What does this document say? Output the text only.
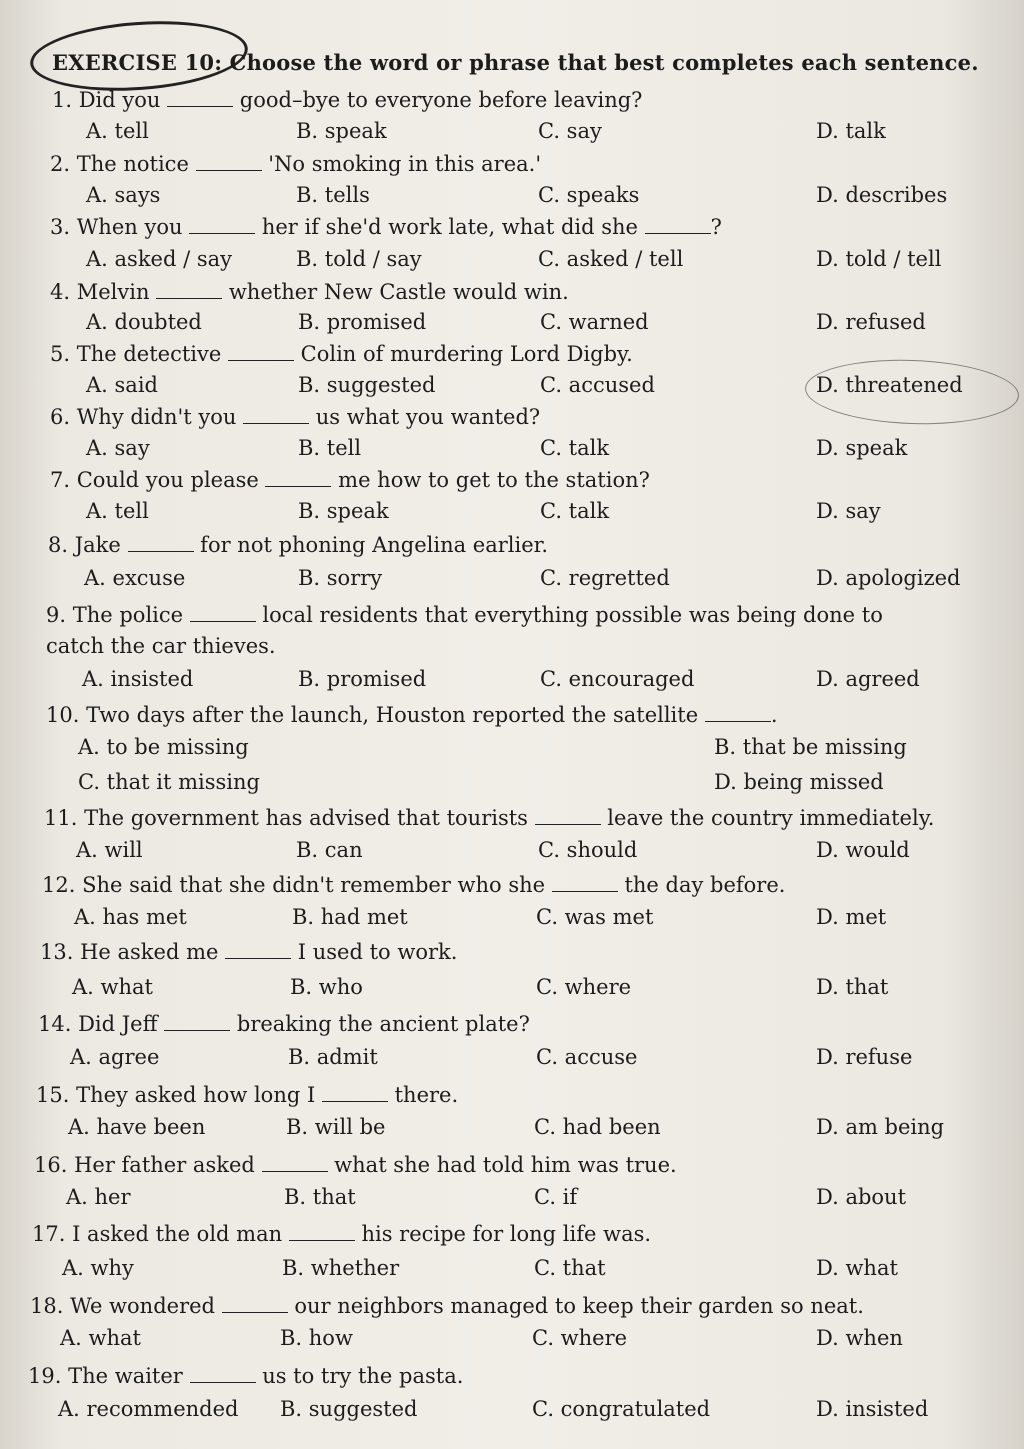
EXERCISE 10: Choose the word or phrase that best completes each sentence.
1. Did you	good–bye to everyone before leaving?
A. tell	B. speak	C. say	D. talk
2. The notice	'No smoking in this area.'
A. says	B. tells	C. speaks	D. describes
3. When you	her if she'd work late, what did she	?
A. asked / say	B. told / say	C. asked / tell	D. told / tell
4. Melvin	whether New Castle would win.
A. doubted	B. promised	C. warned	D. refused
5. The detective	Colin of murdering Lord Digby.
A. said	B. suggested	C. accused	D. threatened
6. Why didn't you	us what you wanted?
A. say	B. tell	C. talk	D. speak
7. Could you please	me how to get to the station?
A. tell	B. speak	C. talk	D. say
8. Jake	for not phoning Angelina earlier.
A. excuse	B. sorry	C. regretted	D. apologized
9. The police	local residents that everything possible was being done to
catch the car thieves.
A. insisted	B. promised	C. encouraged	D. agreed
10. Two days after the launch, Houston reported the satellite	.
A. to be missing	B. that be missing
C. that it missing	D. being missed
11. The government has advised that tourists	leave the country immediately.
A. will	B. can	C. should	D. would
12. She said that she didn't remember who she	the day before.
A. has met	B. had met	C. was met	D. met
13. He asked me	I used to work.
A. what	B. who	C. where	D. that
14. Did Jeff	breaking the ancient plate?
A. agree	B. admit	C. accuse	D. refuse
15. They asked how long I	there.
A. have been	B. will be	C. had been	D. am being
16. Her father asked	what she had told him was true.
A. her	B. that	C. if	D. about
17. I asked the old man	his recipe for long life was.
A. why	B. whether	C. that	D. what
18. We wondered	our neighbors managed to keep their garden so neat.
A. what	B. how	C. where	D. when
19. The waiter	us to try the pasta.
A. recommended B. suggested	C. congratulated	D. insisted
